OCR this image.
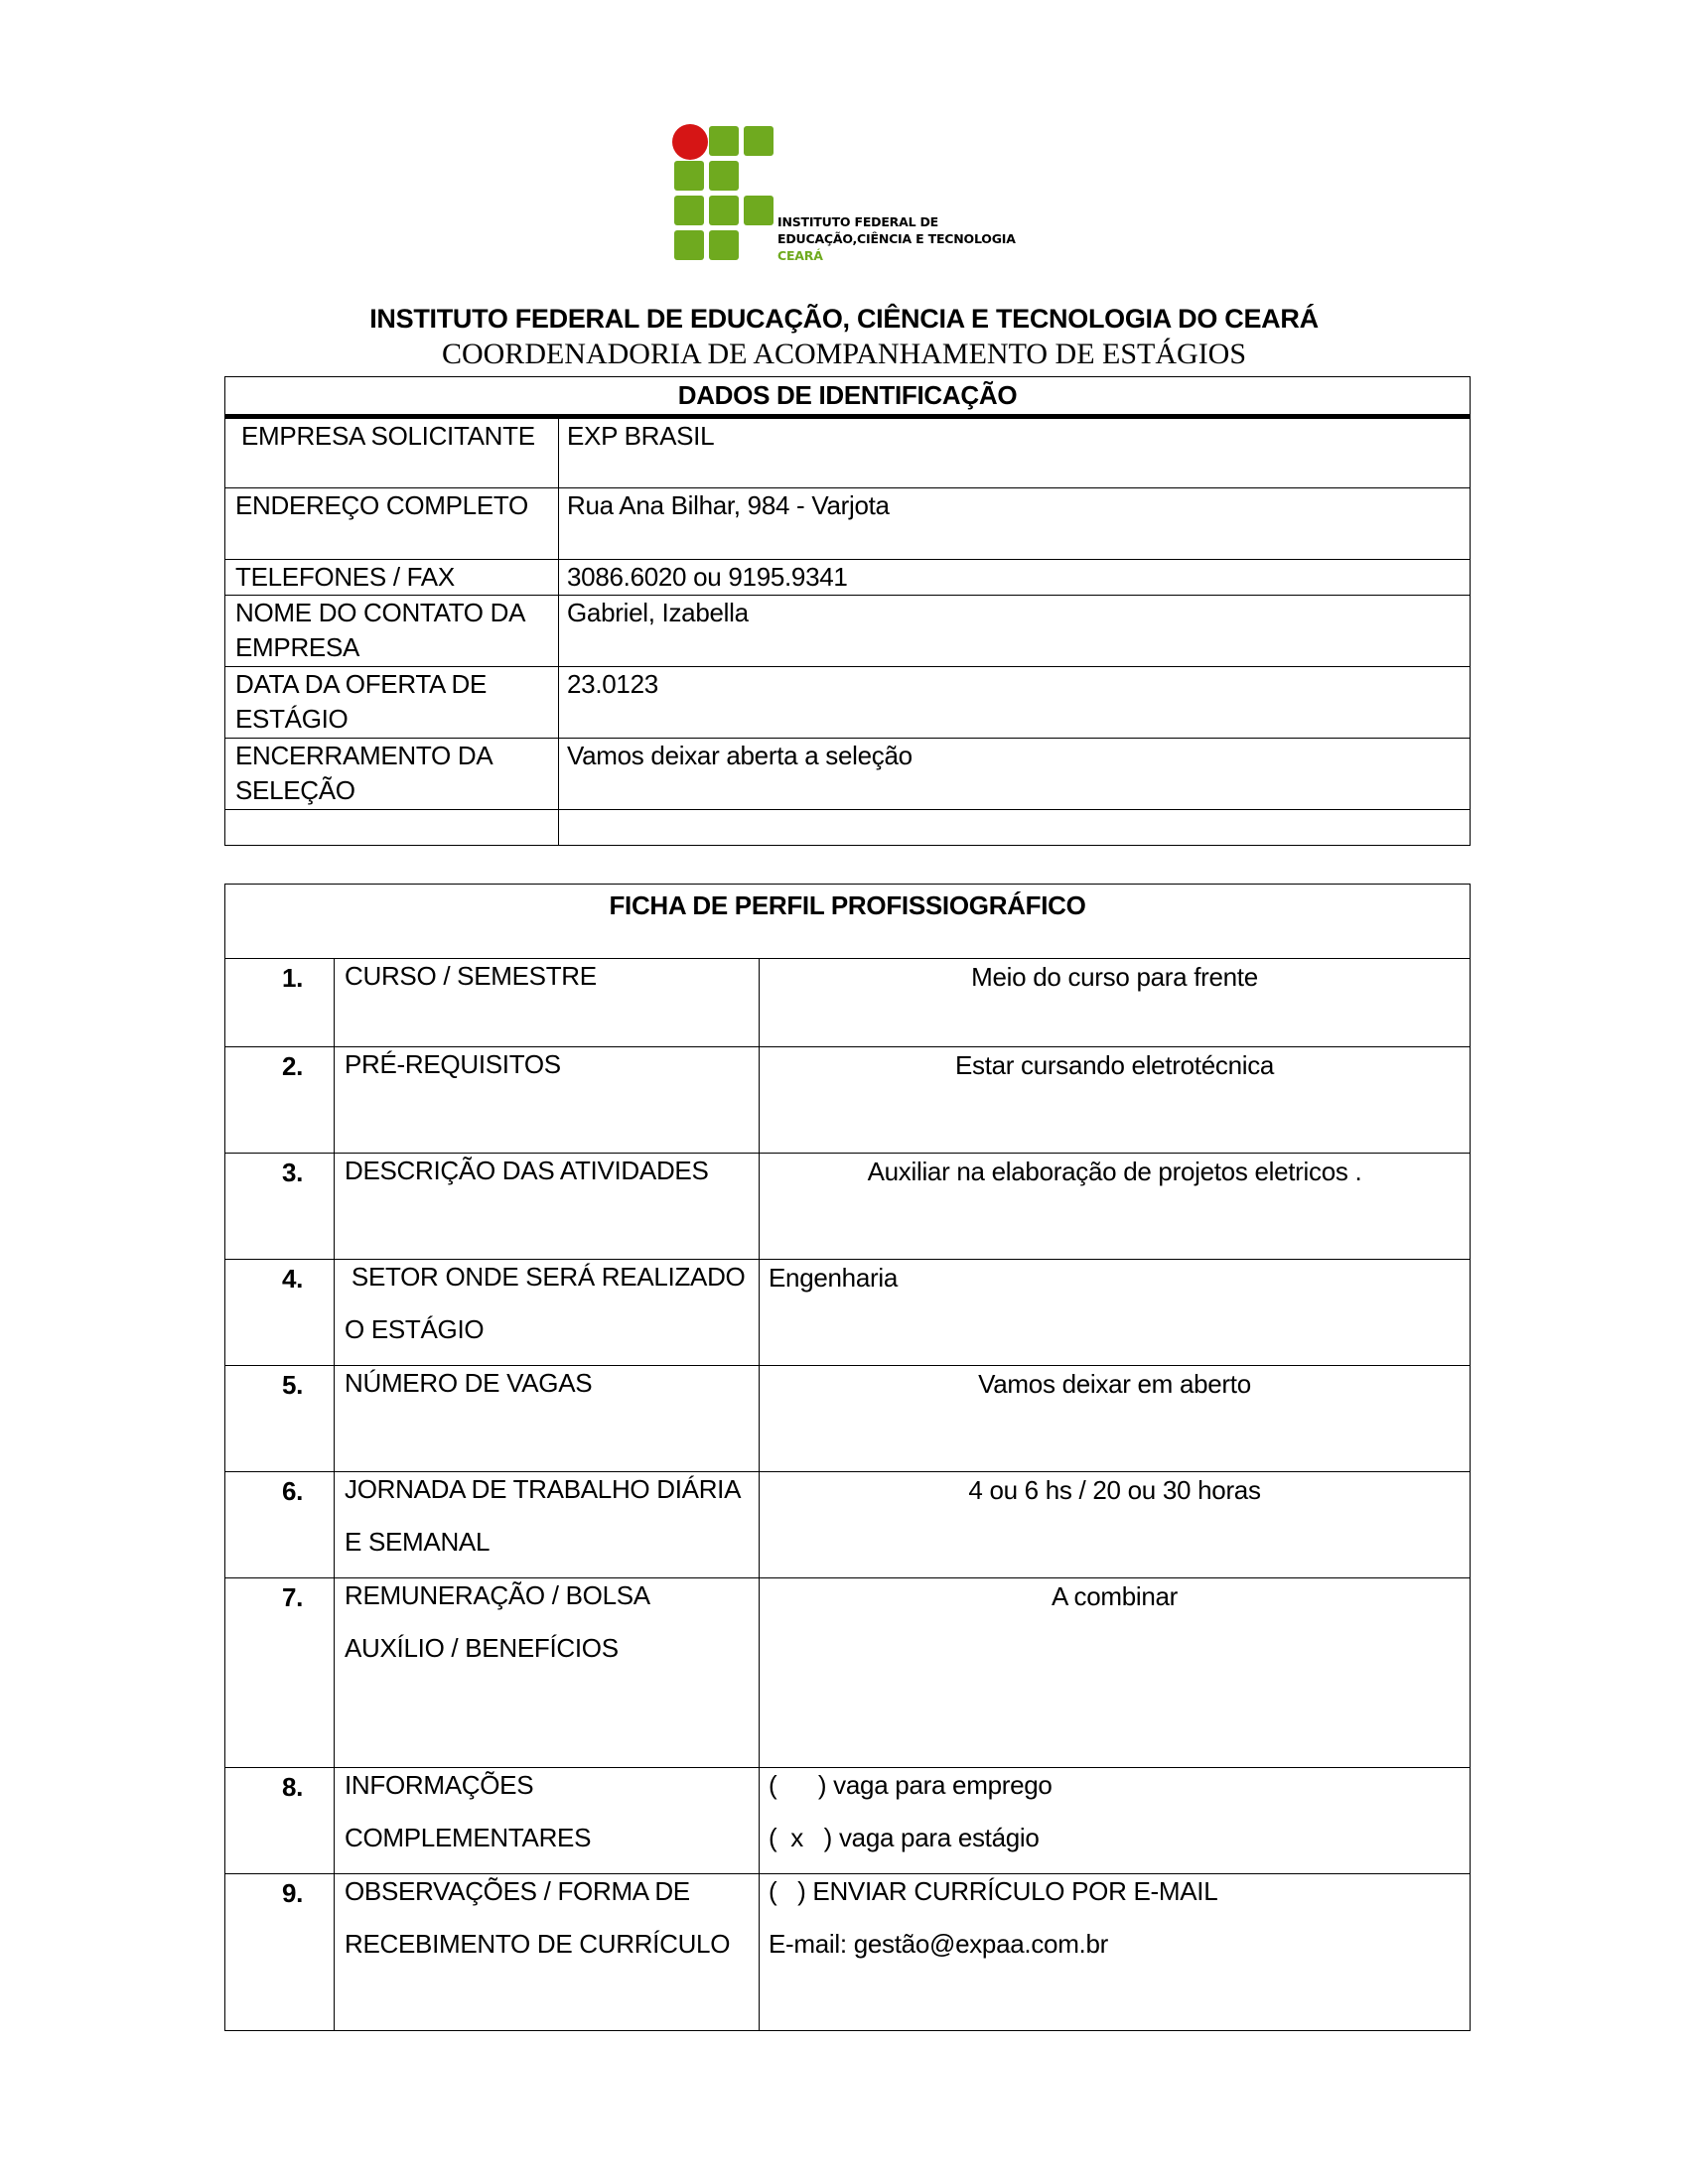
INSTITUTO FEDERAL DE
EDUCAÇÃO,CIÊNCIA E TECNOLOGIA
CEARÁ
INSTITUTO FEDERAL DE EDUCAÇÃO, CIÊNCIA E TECNOLOGIA DO CEARÁ
COORDENADORIA DE ACOMPANHAMENTO DE ESTÁGIOS
DADOS DE IDENTIFICAÇÃO	
EMPRESA SOLICITANTE	EXP BRASIL
ENDEREÇO COMPLETO	Rua Ana Bilhar, 984 - Varjota
TELEFONES / FAX	3086.6020 ou 9195.9341
NOME DO CONTATO DA EMPRESA	Gabriel, Izabella
DATA DA OFERTA DE ESTÁGIO	23.0123
ENCERRAMENTO DA SELEÇÃO	Vamos deixar aberta a seleção

FICHA DE PERFIL PROFISSIOGRÁFICO		
1.	CURSO / SEMESTRE	Meio do curso para frente

2.	PRÉ-REQUISITOS	Estar cursando eletrotécnica

3.	DESCRIÇÃO DAS ATIVIDADES	Auxiliar na elaboração de projetos eletricos .

4.	SETOR ONDE SERÁ REALIZADO
O ESTÁGIO	Engenharia

5.	NÚMERO DE VAGAS	Vamos deixar em aberto

6.	JORNADA DE TRABALHO DIÁRIA
E SEMANAL	4 ou 6 hs / 20 ou 30 horas

7.	REMUNERAÇÃO / BOLSA
AUXÍLIO / BENEFÍCIOS	A combinar

8.	INFORMAÇÕES
COMPLEMENTARES	(      ) vaga para emprego
(  x   ) vaga para estágio

9.	OBSERVAÇÕES / FORMA DE
RECEBIMENTO DE CURRÍCULO	(   ) ENVIAR CURRÍCULO POR E-MAIL
E-mail: gestão@expaa.com.br
